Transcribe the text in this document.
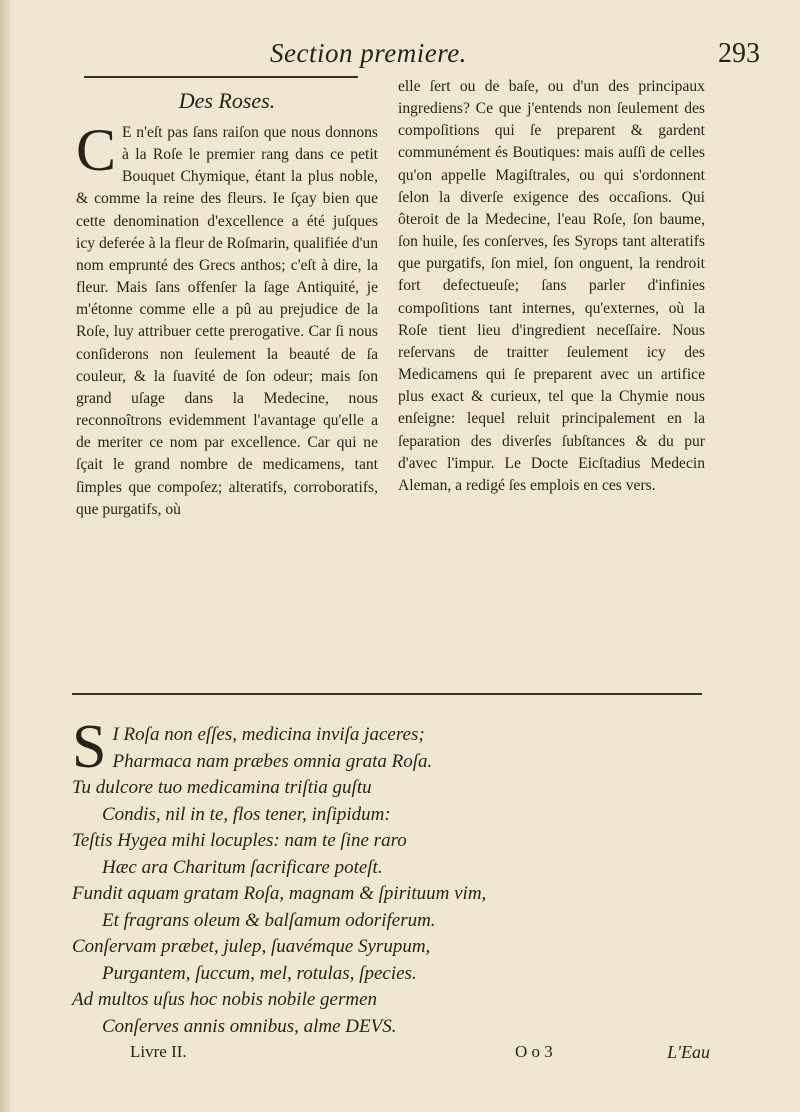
Section premiere.	293
Des Roses.
C E n'eſt pas ſans raiſon que nous donnons à la Roſe le premier rang dans ce petit Bouquet Chymique, étant la plus noble, & comme la reine des fleurs. Ie ſçay bien que cette denomination d'excellence a été juſques icy deferée à la fleur de Roſmarin, qualifiée d'un nom emprunté des Grecs anthos; c'eſt à dire, la fleur. Mais ſans offenſer la ſage Antiquité, je m'étonne comme elle a pû au prejudice de la Roſe, luy attribuer cette prerogative. Car ſi nous conſiderons non ſeulement la beauté de ſa couleur, & la ſuavité de ſon odeur; mais ſon grand uſage dans la Medecine, nous reconnoîtrons evidemment l'avantage qu'elle a de meriter ce nom par excellence. Car qui ne ſçait le grand nombre de medicamens, tant ſimples que compoſez; alteratifs, corroboratifs, que purgatifs, où
elle ſert ou de baſe, ou d'un des principaux ingrediens? Ce que j'entends non ſeulement des compoſitions qui ſe preparent & gardent communément és Boutiques: mais auſſi de celles qu'on appelle Magiſtrales, ou qui s'ordonnent ſelon la diverſe exigence des occaſions. Qui ôteroit de la Medecine, l'eau Roſe, ſon baume, ſon huile, ſes conſerves, ſes Syrops tant alteratifs que purgatifs, ſon miel, ſon onguent, la rendroit fort defectueuſe; ſans parler d'infinies compoſitions tant internes, qu'externes, où la Roſe tient lieu d'ingredient neceſſaire. Nous reſervans de traitter ſeulement icy des Medicamens qui ſe preparent avec un artifice plus exact & curieux, tel que la Chymie nous enſeigne: lequel reluit principalement en la ſeparation des diverſes ſubſtances & du pur d'avec l'impur. Le Docte Eicſtadius Medecin Aleman, a redigé ſes emplois en ces vers.
S I Roſa non eſſes, medicina inviſa jaceres;
Pharmaca nam præbes omnia grata Roſa.
Tu dulcore tuo medicamina triſtia guſtu
Condis, nil in te, flos tener, inſipidum:
Teſtis Hygea mihi locuples: nam te ſine raro
Hæc ara Charitum ſacrificare poteſt.
Fundit aquam gratam Roſa, magnam & ſpirituum vim,
Et fragrans oleum & balſamum odoriferum.
Conſervam præbet, julep, ſuavémque Syrupum,
Purgantem, ſuccum, mel, rotulas, ſpecies.
Ad multos uſus hoc nobis nobile germen
Conſerves annis omnibus, alme DEVS.
Livre II.	O o 3	L'Eau
